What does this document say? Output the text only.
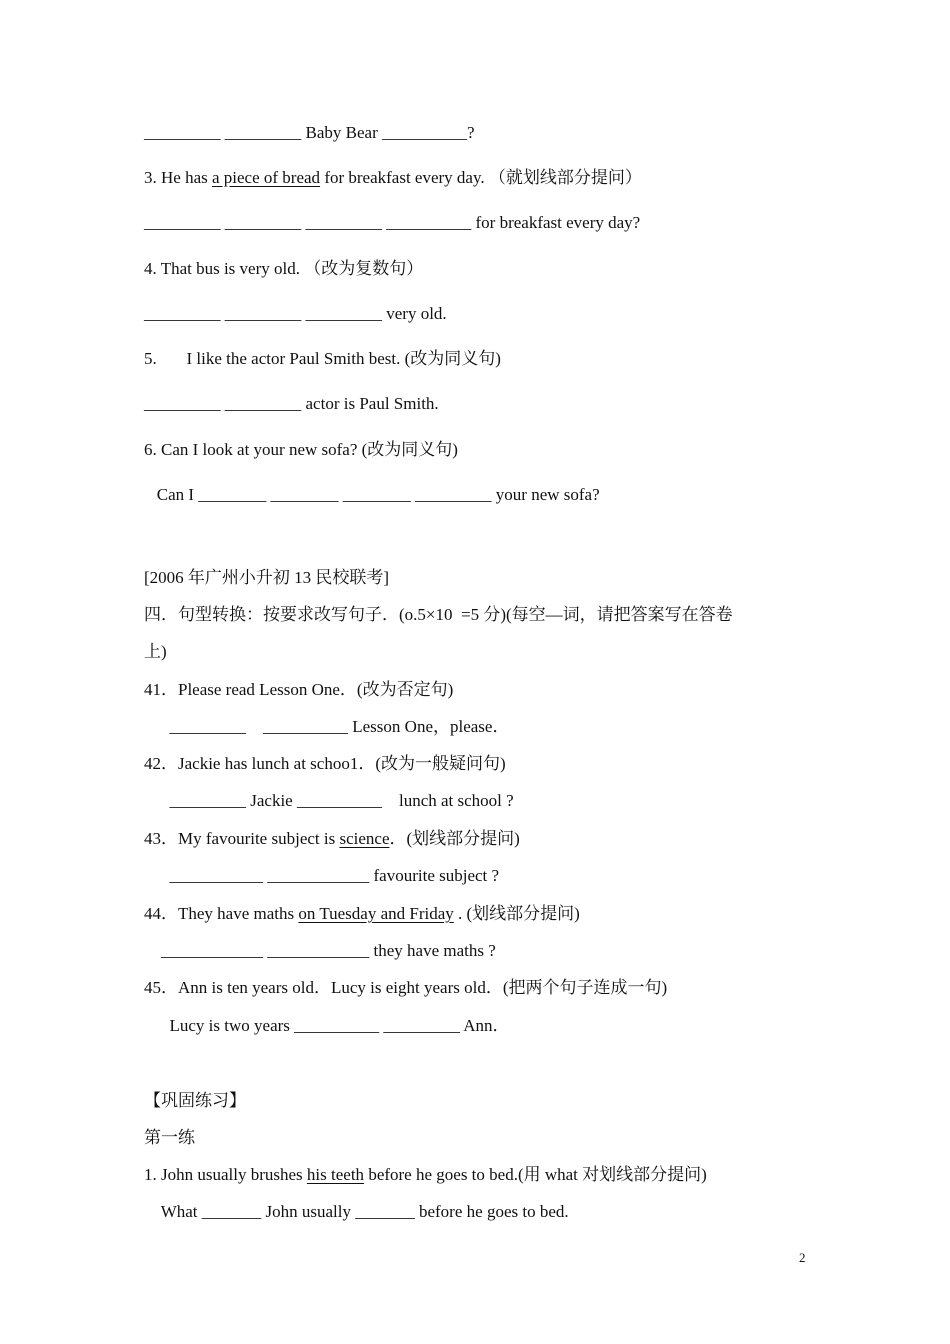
_________ _________ Baby Bear __________?
3. He has a piece of bread for breakfast every day. （就划线部分提问）
_________ _________ _________ __________ for breakfast every day?
4. That bus is very old. （改为复数句）
_________ _________ _________ very old.
5.       I like the actor Paul Smith best. (改为同义句)
_________ _________ actor is Paul Smith.
6. Can I look at your new sofa? (改为同义句)
Can I ________ ________ ________ _________ your new sofa?
[2006 年广州小升初 13 民校联考]
四．句型转换：按要求改写句子．(o.5×10  =5 分)(每空—词，请把答案写在答卷
上)
41．Please read Lesson One．(改为否定句)
_________    __________ Lesson One，please．
42．Jackie has lunch at schoo1．(改为一般疑问句)
_________ Jackie __________    lunch at school ?
43．My favourite subject is science．(划线部分提问)
___________ ____________ favourite subject ?
44．They have maths on Tuesday and Friday . (划线部分提问)
____________ ____________ they have maths ?
45．Ann is ten years old．Lucy is eight years old．(把两个句子连成一句)
Lucy is two years __________ _________ Ann．
【巩固练习】
第一练
1. John usually brushes his teeth before he goes to bed.(用 what 对划线部分提问)
What _______ John usually _______ before he goes to bed.
2
